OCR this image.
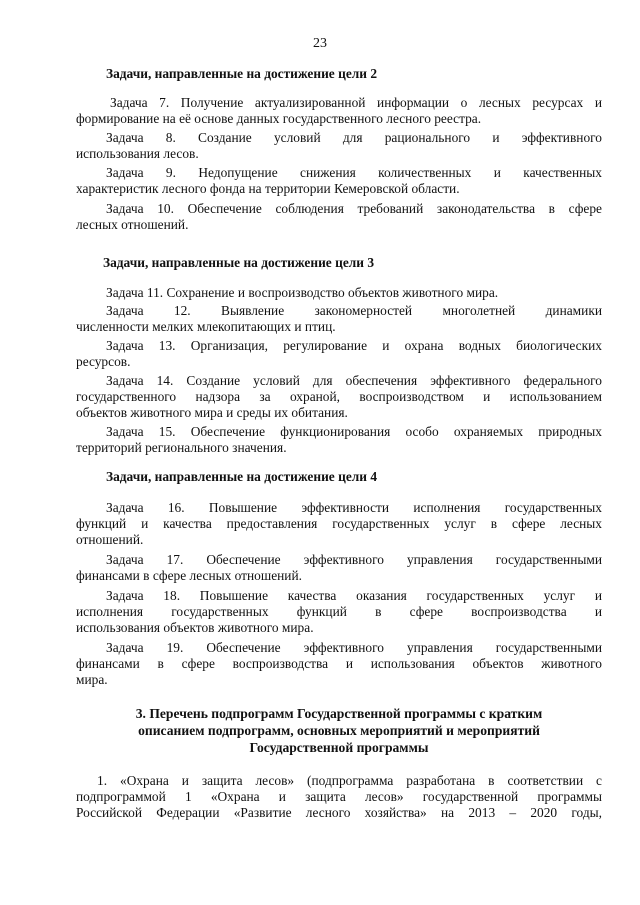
23
Задачи, направленные на достижение цели 2
Задача 7. Получение актуализированной информации о лесных ресурсах и
формирование на её основе данных государственного лесного реестра.
Задача 8. Создание условий для рационального и эффективного
использования лесов.
Задача 9. Недопущение снижения количественных и качественных
характеристик лесного фонда на территории Кемеровской области.
Задача 10. Обеспечение соблюдения требований законодательства в сфере
лесных отношений.
Задачи, направленные на достижение цели 3
Задача 11. Сохранение и воспроизводство объектов животного мира.
Задача 12. Выявление закономерностей многолетней динамики
численности мелких млекопитающих и птиц.
Задача 13. Организация, регулирование и охрана водных биологических
ресурсов.
Задача 14. Создание условий для обеспечения эффективного федерального
государственного надзора за охраной, воспроизводством и использованием
объектов животного мира и среды их обитания.
Задача 15. Обеспечение функционирования особо охраняемых природных
территорий регионального значения.
Задачи, направленные на достижение цели 4
Задача 16. Повышение эффективности исполнения государственных
функций и качества предоставления государственных услуг в сфере лесных
отношений.
Задача 17. Обеспечение эффективного управления государственными
финансами в сфере лесных отношений.
Задача 18. Повышение качества оказания государственных услуг и
исполнения государственных функций в сфере воспроизводства и
использования объектов животного мира.
Задача 19. Обеспечение эффективного управления государственными
финансами в сфере воспроизводства и использования объектов животного
мира.
3. Перечень подпрограмм Государственной программы с кратким
описанием подпрограмм, основных мероприятий и мероприятий
Государственной программы
1. «Охрана и защита лесов» (подпрограмма разработана в соответствии с
подпрограммой 1 «Охрана и защита лесов» государственной программы
Российской Федерации «Развитие лесного хозяйства» на 2013 – 2020 годы,
